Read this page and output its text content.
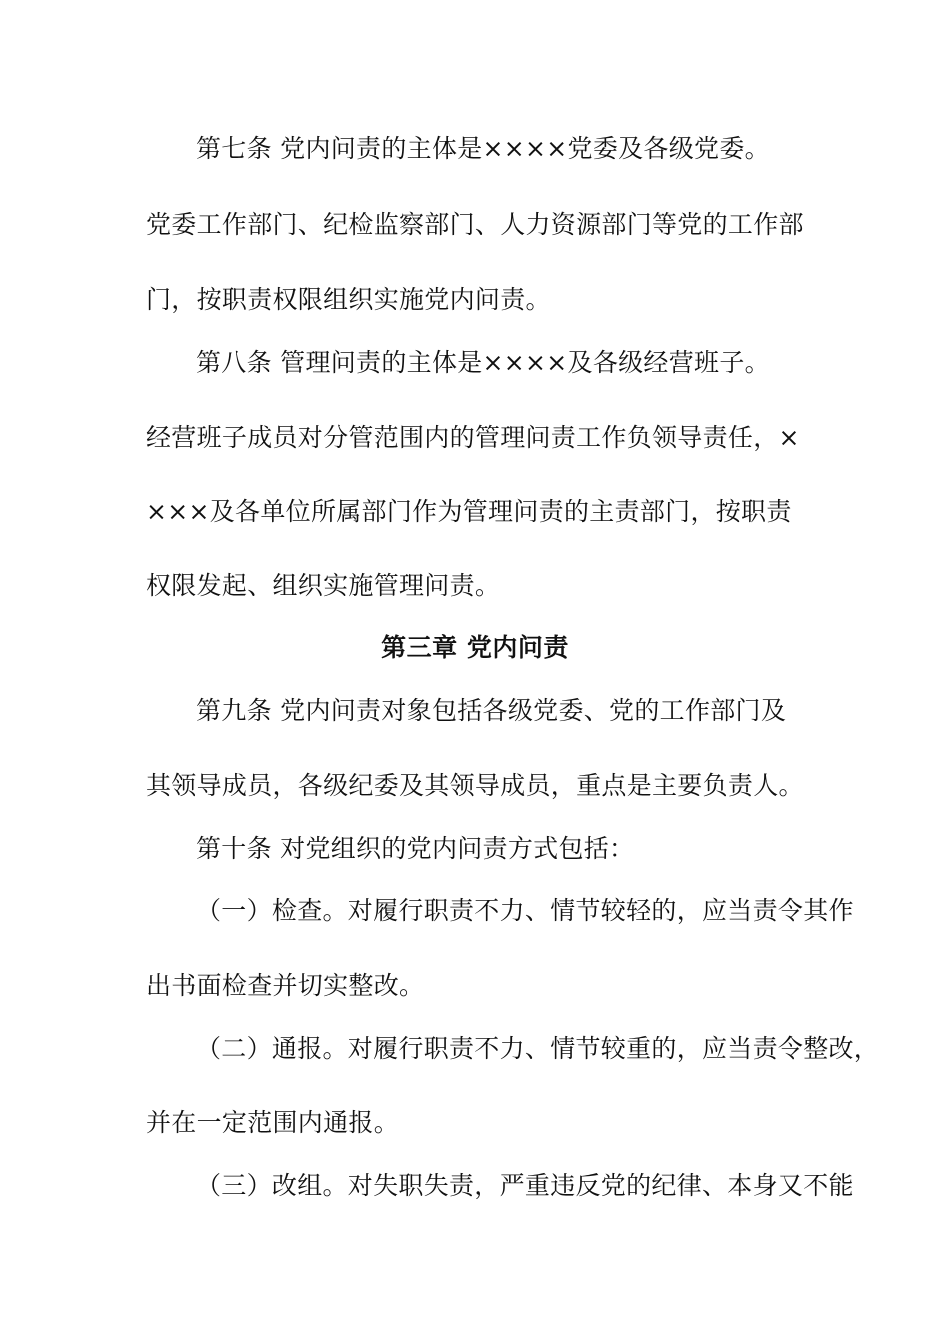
第七条 党内问责的主体是××××党委及各级党委。
党委工作部门、纪检监察部门、人力资源部门等党的工作部
门，按职责权限组织实施党内问责。
第八条 管理问责的主体是××××及各级经营班子。
经营班子成员对分管范围内的管理问责工作负领导责任，×
×××及各单位所属部门作为管理问责的主责部门，按职责
权限发起、组织实施管理问责。
第三章 党内问责
第九条 党内问责对象包括各级党委、党的工作部门及
其领导成员，各级纪委及其领导成员，重点是主要负责人。
第十条 对党组织的党内问责方式包括：
（一）检查。对履行职责不力、情节较轻的，应当责令其作
出书面检查并切实整改。
（二）通报。对履行职责不力、情节较重的，应当责令整改，
并在一定范围内通报。
（三）改组。对失职失责，严重违反党的纪律、本身又不能
